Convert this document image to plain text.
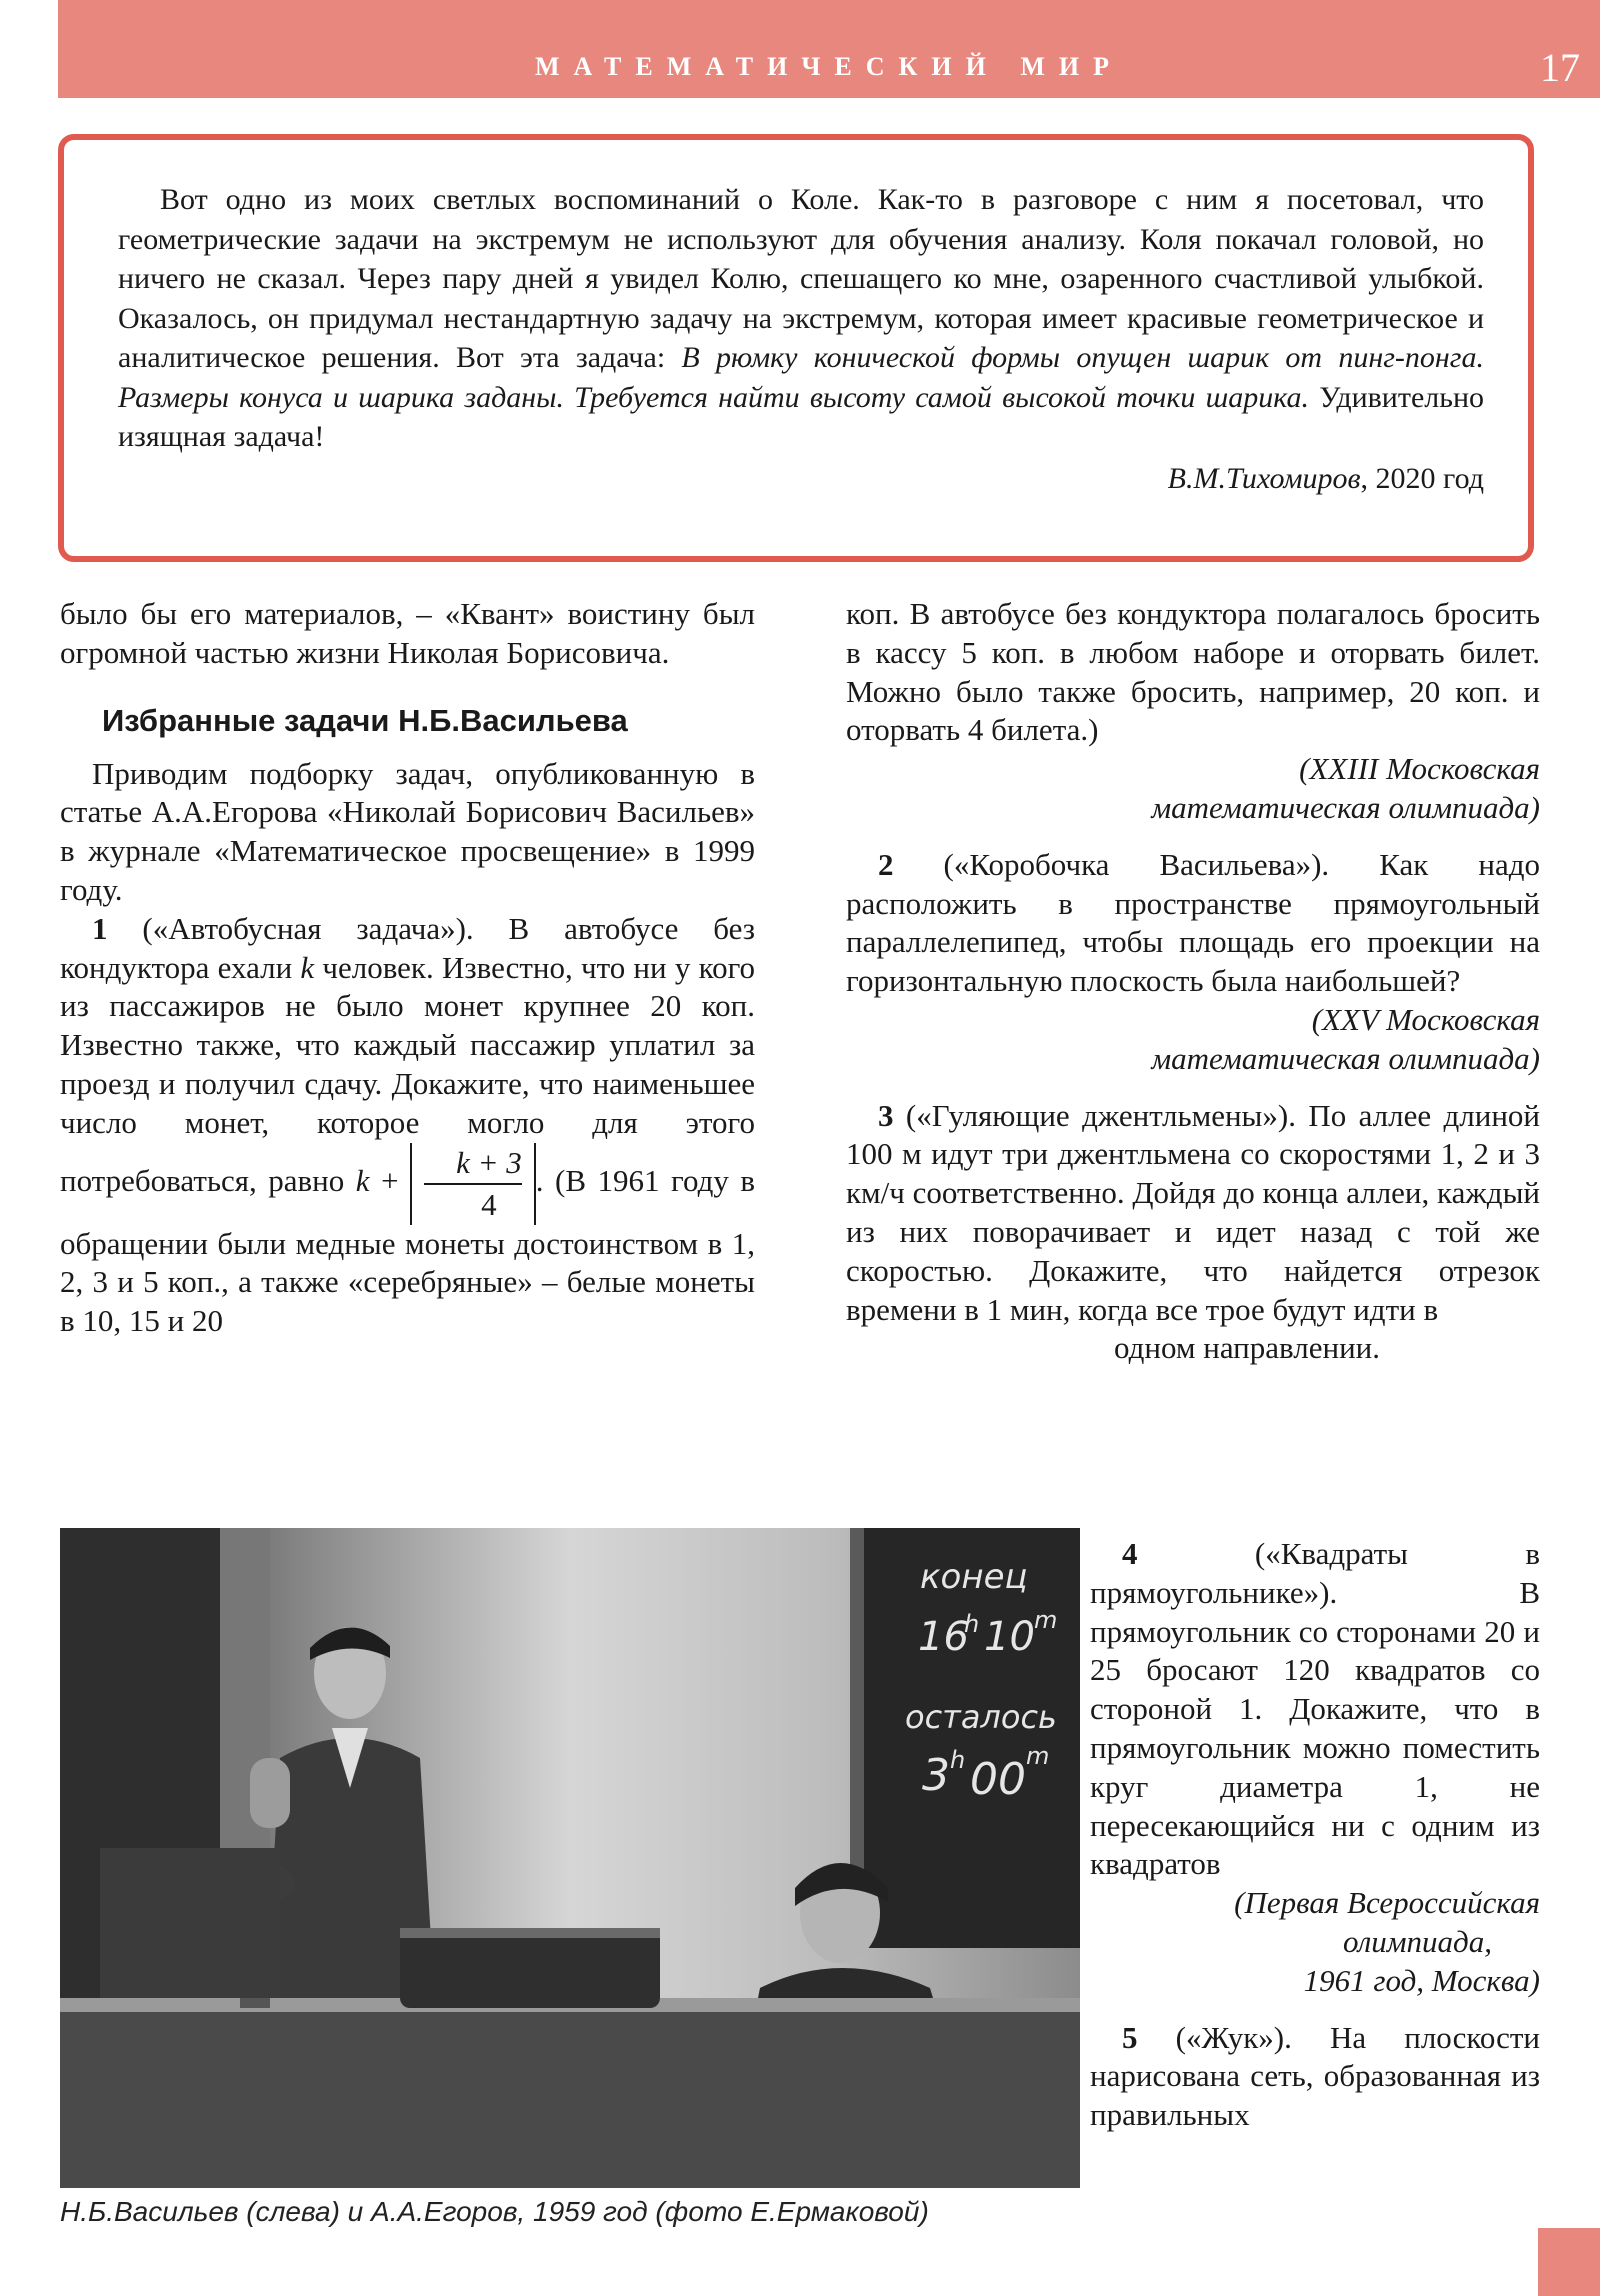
МАТЕМАТИЧЕСКИЙ МИР	17

Вот одно из моих светлых воспоминаний о Коле. Как-то в разговоре с ним я посетовал, что геометрические задачи на экстремум не используют для обучения анализу. Коля покачал головой, но ничего не сказал. Через пару дней я увидел Колю, спешащего ко мне, озаренного счастливой улыбкой. Оказалось, он придумал нестандартную задачу на экстремум, которая имеет красивые геометрическое и аналитическое решения. Вот эта задача: В рюмку конической формы опущен шарик от пинг-понга. Размеры конуса и шарика заданы. Требуется найти высоту самой высокой точки шарика. Удивительно изящная задача!

В.М.Тихомиров, 2020 год

было бы его материалов, – «Квант» воистину был огромной частью жизни Николая Борисовича.

Избранные задачи Н.Б.Васильева

Приводим подборку задач, опубликованную в статье А.А.Егорова «Николай Борисович Васильев» в журнале «Математическое просвещение» в 1999 году.

1 («Автобусная задача»). В автобусе без кондуктора ехали k человек. Известно, что ни у кого из пассажиров не было монет крупнее 20 коп. Известно также, что каждый пассажир уплатил за проезд и получил сдачу. Докажите, что наименьшее число монет, которое могло для этого потребоваться, равно $k + \frac{k + 3}{4}$ . (В 1961 году в обращении были медные монеты достоинством в 1, 2, 3 и 5 коп., а также «серебряные» – белые монеты в 10, 15 и 20

коп. В автобусе без кондуктора полагалось бросить в кассу 5 коп. в любом наборе и оторвать билет. Можно было также бросить, например, 20 коп. и оторвать 4 билета.)

(XXIII Московская

математическая олимпиада)

2 («Коробочка Васильева»). Как надо расположить в пространстве прямоугольный параллелепипед, чтобы площадь его проекции на горизонтальную плоскость была наибольшей?

(XXV Московская

математическая олимпиада)

3 («Гуляющие джентльмены»). По аллее длиной 100 м идут три джентльмена со скоростями 1, 2 и 3 км/ч соответственно. Дойдя до конца аллеи, каждый из них поворачивает и идет назад с той же скоростью. Докажите, что найдется отрезок времени в 1 мин, когда все трое будут идти в

одном направлении.

конец
16
h 10 m
осталось
3 h 00 m
Н.Б.Васильев (слева) и А.А.Егоров, 1959 год (фото Е.Ермаковой)

4 («Квадраты в прямоугольнике»). В прямоугольник со сторонами 20 и 25 бросают 120 квадратов со стороной 1. Докажите, что в прямоугольник можно поместить круг диаметра 1, не пересекающийся ни с одним из квадратов

(Первая Всероссийская

олимпиада,

1961 год, Москва)

5 («Жук»). На плоскости нарисована сеть, образованная из правильных
